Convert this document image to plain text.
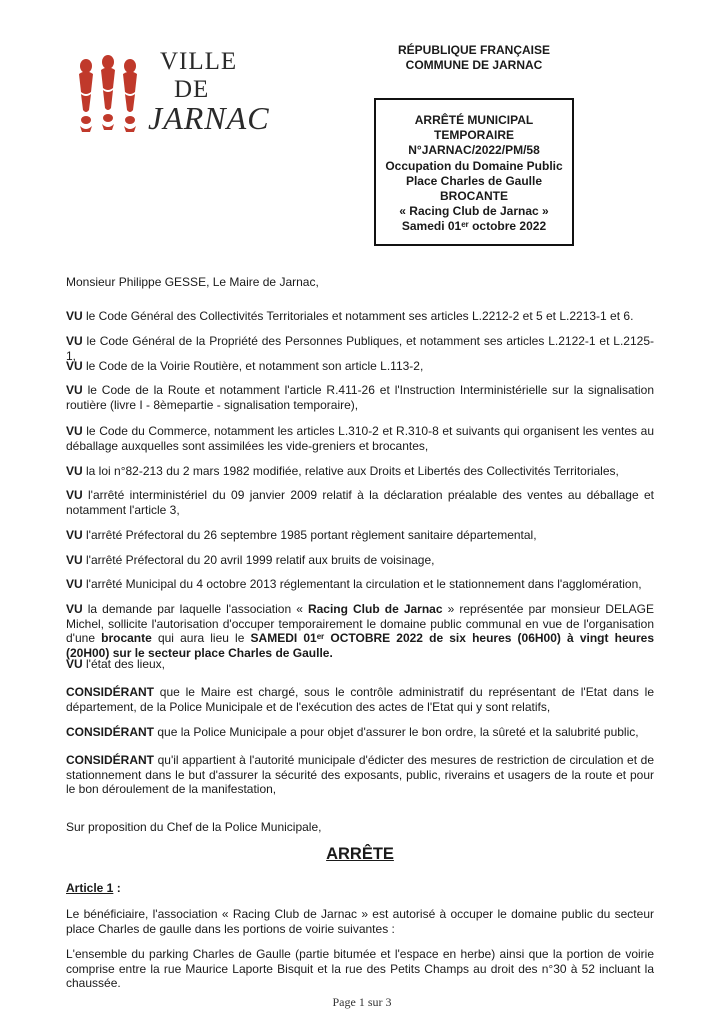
VILLE
DE
JARNAC
RÉPUBLIQUE FRANÇAISE
COMMUNE DE JARNAC
ARRÊTÉ MUNICIPAL
TEMPORAIRE
N°JARNAC/2022/PM/58
Occupation du Domaine Public
Place Charles de Gaulle
BROCANTE
« Racing Club de Jarnac »
Samedi 01ᵉʳ octobre 2022
Monsieur Philippe GESSE, Le Maire de Jarnac,
VU le Code Général des Collectivités Territoriales et notamment ses articles L.2212-2 et 5 et L.2213-1 et 6.
VU le Code Général de la Propriété des Personnes Publiques, et notamment ses articles L.2122-1 et L.2125-1,
VU le Code de la Voirie Routière, et notamment son article L.113-2,
VU le Code de la Route et notamment l'article R.411-26 et l'Instruction Interministérielle sur la signalisation routière (livre I - 8èmepartie - signalisation temporaire),
VU le Code du Commerce, notamment les articles L.310-2 et R.310-8 et suivants qui organisent les ventes au déballage auxquelles sont assimilées les vide-greniers et brocantes,
VU la loi n°82-213 du 2 mars 1982 modifiée, relative aux Droits et Libertés des Collectivités Territoriales,
VU l'arrêté interministériel du 09 janvier 2009 relatif à la déclaration préalable des ventes au déballage et notamment l'article 3,
VU l'arrêté Préfectoral du 26 septembre 1985 portant règlement sanitaire départemental,
VU l'arrêté Préfectoral du 20 avril 1999 relatif aux bruits de voisinage,
VU l'arrêté Municipal du 4 octobre 2013 réglementant la circulation et le stationnement dans l'agglomération,
VU la demande par laquelle l'association « Racing Club de Jarnac » représentée par monsieur DELAGE Michel, sollicite l'autorisation d'occuper temporairement le domaine public communal en vue de l'organisation d'une brocante qui aura lieu le SAMEDI 01ᵉʳ OCTOBRE 2022 de six heures (06H00) à vingt heures (20H00) sur le secteur place Charles de Gaulle.
VU l'état des lieux,
CONSIDÉRANT que le Maire est chargé, sous le contrôle administratif du représentant de l'Etat dans le département, de la Police Municipale et de l'exécution des actes de l'Etat qui y sont relatifs,
CONSIDÉRANT que la Police Municipale a pour objet d'assurer le bon ordre, la sûreté et la salubrité public,
CONSIDÉRANT qu'il appartient à l'autorité municipale d'édicter des mesures de restriction de circulation et de stationnement dans le but d'assurer la sécurité des exposants, public, riverains et usagers de la route et pour le bon déroulement de la manifestation,
Sur proposition du Chef de la Police Municipale,
ARRÊTE
Article 1 :
Le bénéficiaire, l'association « Racing Club de Jarnac » est autorisé à occuper le domaine public du secteur place Charles de gaulle dans les portions de voirie suivantes :
L'ensemble du parking Charles de Gaulle (partie bitumée et l'espace en herbe) ainsi que la portion de voirie comprise entre la rue Maurice Laporte Bisquit et la rue des Petits Champs au droit des n°30 à 52 incluant la chaussée.
Page 1 sur 3
